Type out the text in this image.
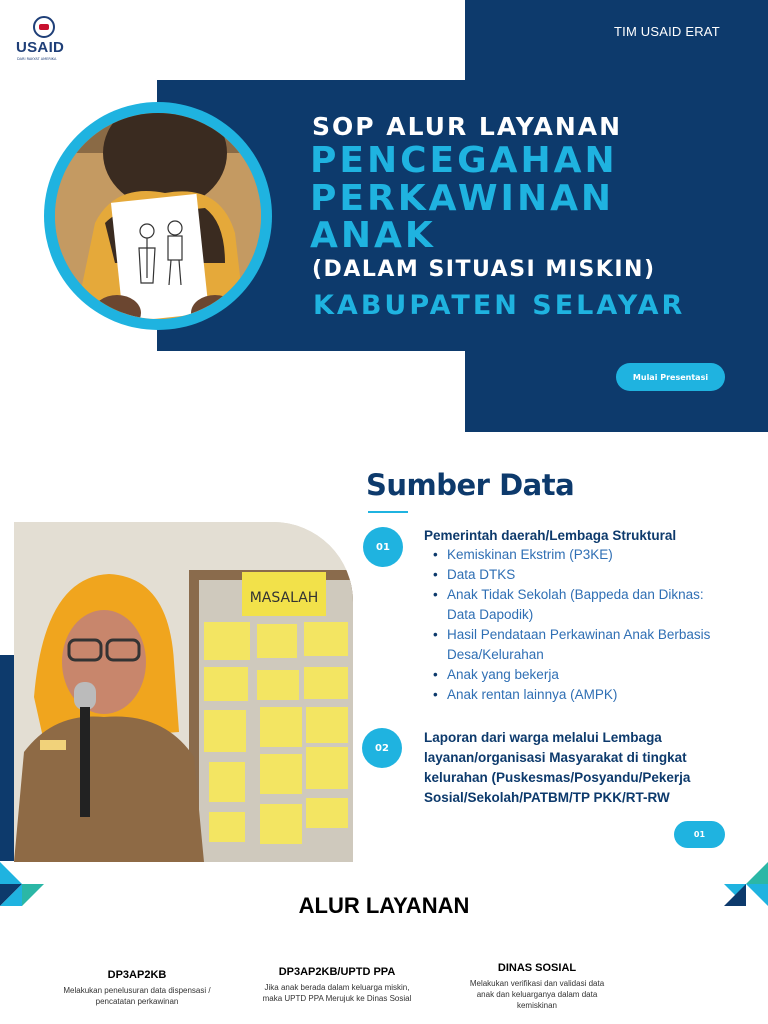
USAID
DARI RAKYAT AMERIKA
TIM USAID ERAT
SOP ALUR LAYANAN
PENCEGAHAN
PERKAWINAN
ANAK
(DALAM SITUASI MISKIN)
KABUPATEN SELAYAR
Mulai Presentasi
MASALAH
Sumber Data
01
Pemerintah daerah/Lembaga Struktural
• Kemiskinan Ekstrim (P3KE)
• Data DTKS
• Anak Tidak Sekolah (Bappeda dan Diknas: Data Dapodik)
• Hasil Pendataan Perkawinan Anak Berbasis Desa/Kelurahan
• Anak yang bekerja
• Anak rentan lainnya (AMPK)
02
Laporan dari warga melalui Lembaga layanan/organisasi Masyarakat di tingkat kelurahan (Puskesmas/Posyandu/Pekerja Sosial/Sekolah/PATBM/TP PKK/RT-RW
01
ALUR LAYANAN
DP3AP2KB
Melakukan penelusuran data dispensasi / pencatatan perkawinan
DP3AP2KB/UPTD PPA
Jika anak berada dalam keluarga miskin, maka UPTD PPA Merujuk ke Dinas Sosial
DINAS SOSIAL
Melakukan verifikasi dan validasi data anak dan keluarganya dalam data kemiskinan
